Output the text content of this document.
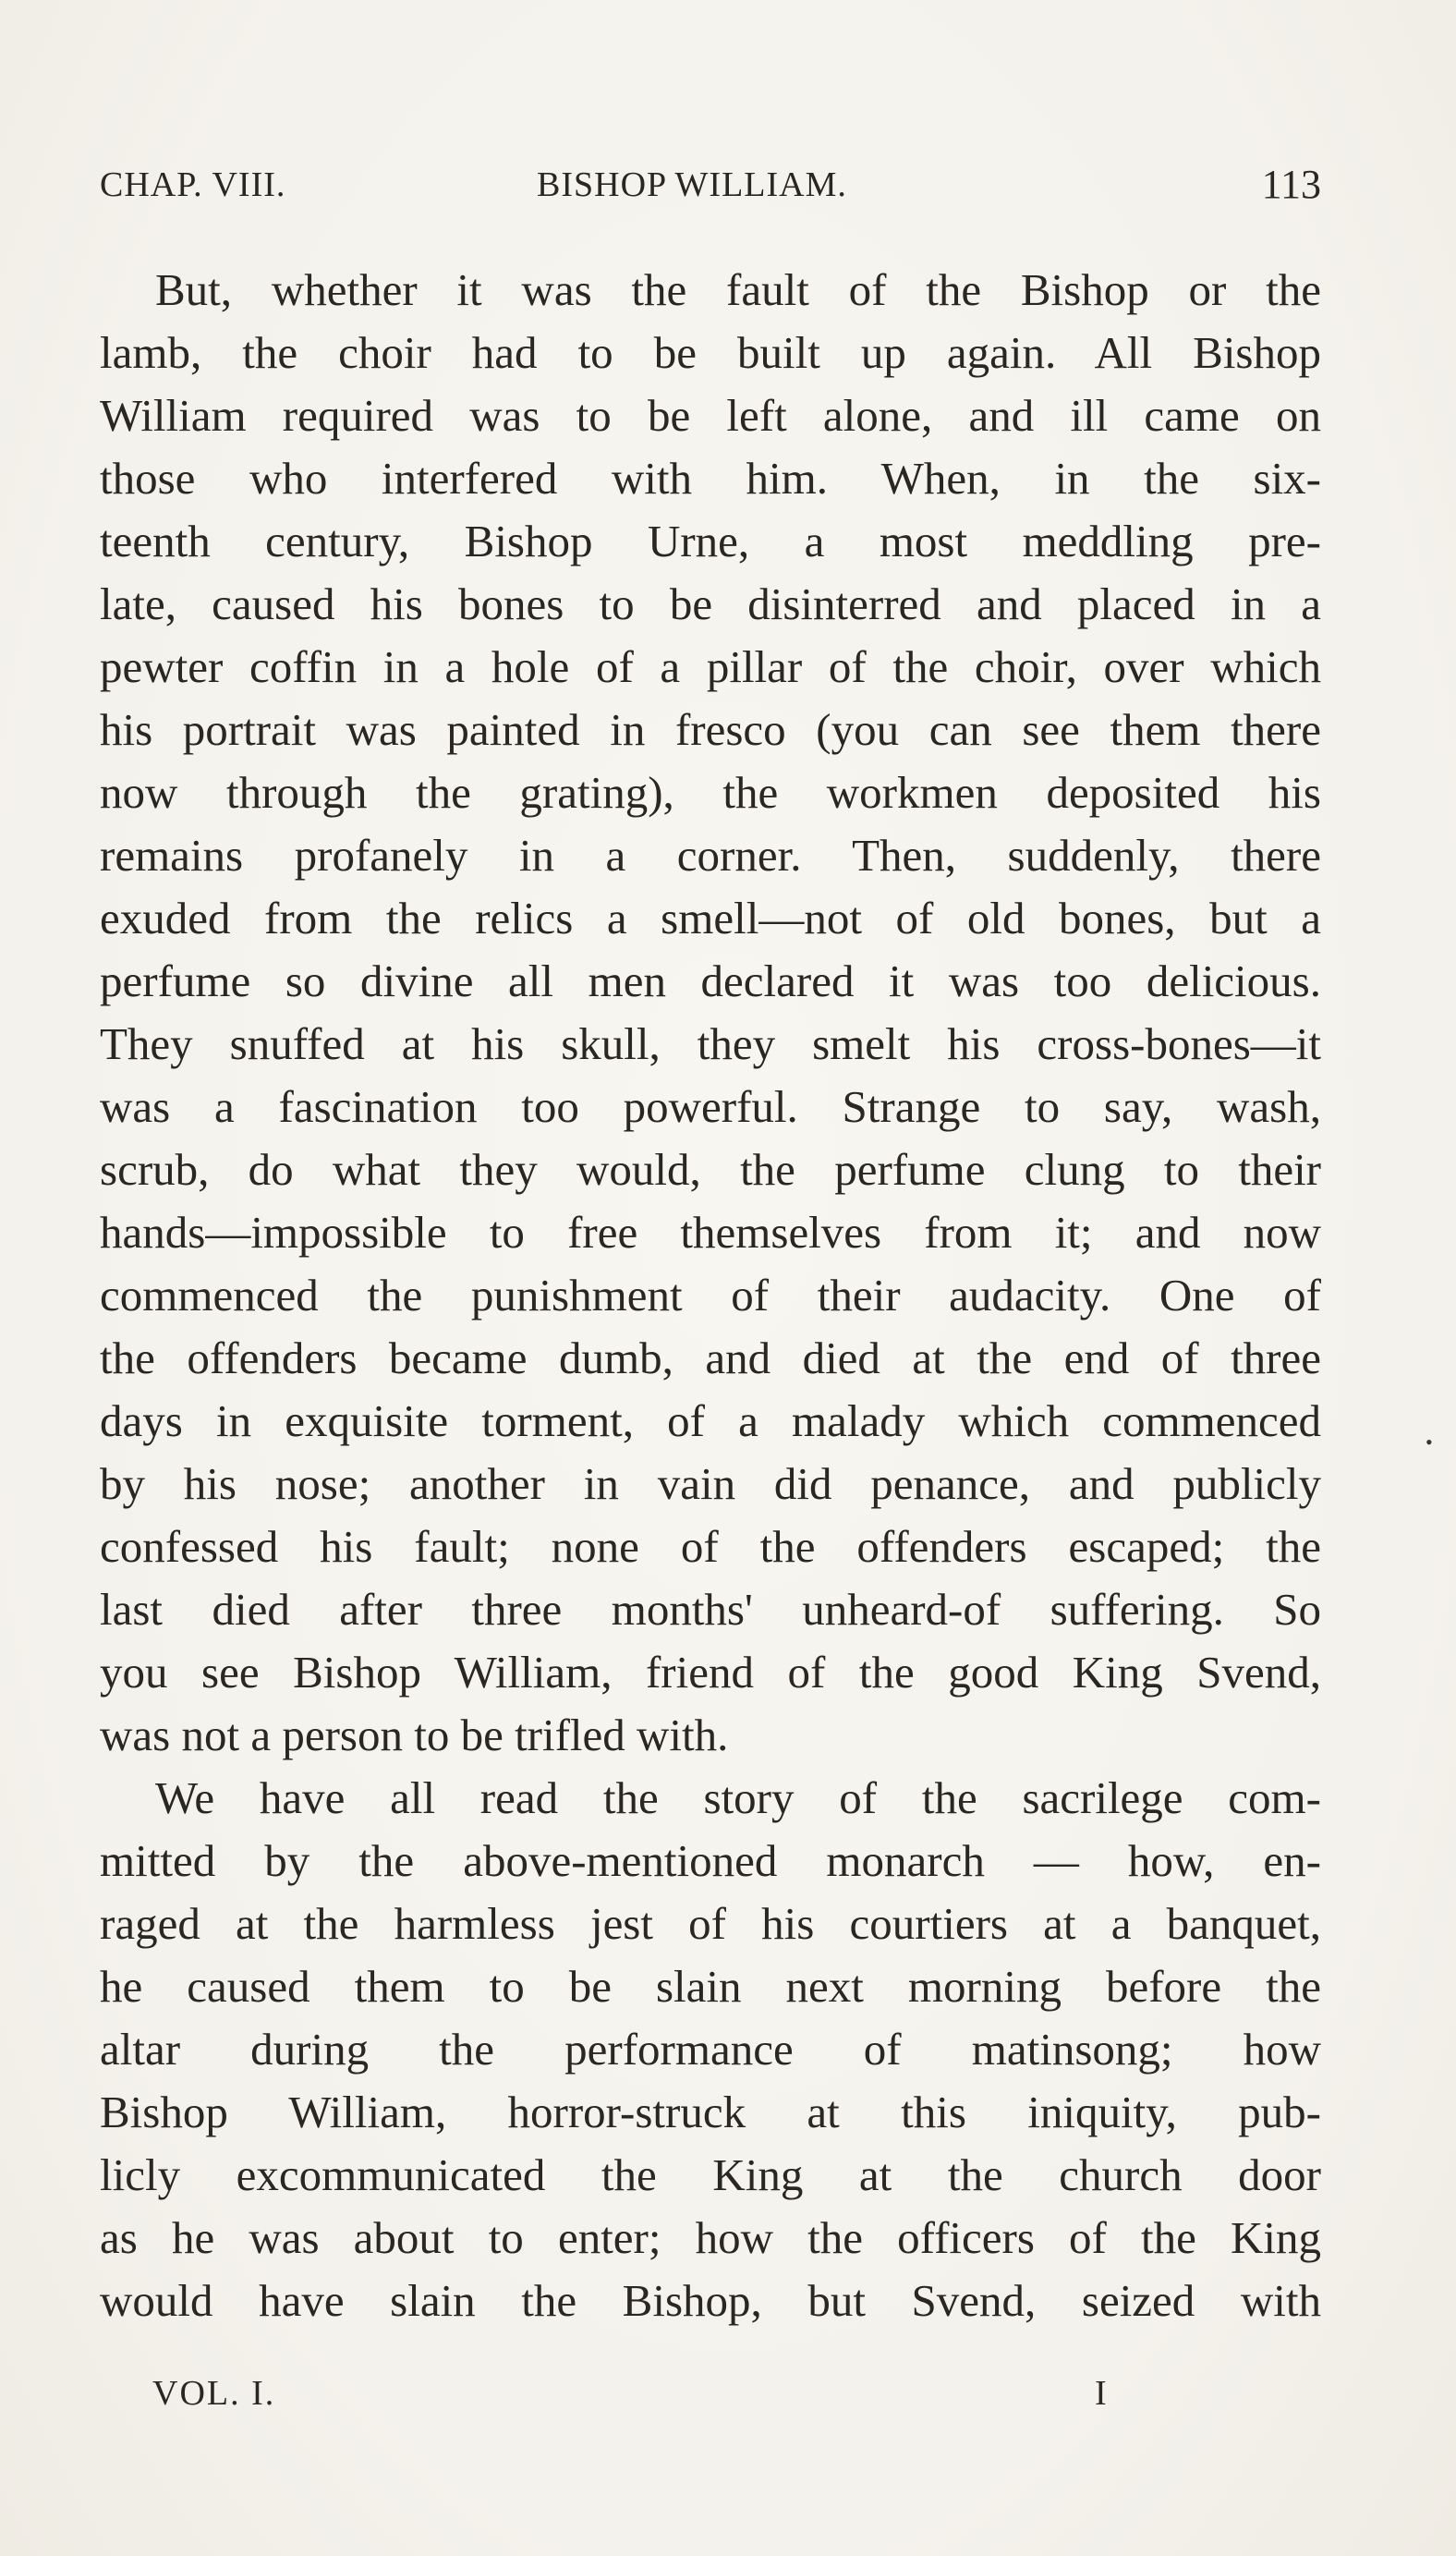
CHAP. VIII.	BISHOP WILLIAM.	113
But, whether it was the fault of the Bishop or the
lamb, the choir had to be built up again. All Bishop
William required was to be left alone, and ill came on
those who interfered with him. When, in the six-
teenth century, Bishop Urne, a most meddling pre-
late, caused his bones to be disinterred and placed in a
pewter coffin in a hole of a pillar of the choir, over which
his portrait was painted in fresco (you can see them there
now through the grating), the workmen deposited his
remains profanely in a corner. Then, suddenly, there
exuded from the relics a smell—not of old bones, but a
perfume so divine all men declared it was too delicious.
They snuffed at his skull, they smelt his cross-bones—it
was a fascination too powerful. Strange to say, wash,
scrub, do what they would, the perfume clung to their
hands—impossible to free themselves from it; and now
commenced the punishment of their audacity. One of
the offenders became dumb, and died at the end of three
days in exquisite torment, of a malady which commenced
by his nose; another in vain did penance, and publicly
confessed his fault; none of the offenders escaped; the
last died after three months' unheard-of suffering. So
you see Bishop William, friend of the good King Svend,
was not a person to be trifled with.
We have all read the story of the sacrilege com-
mitted by the above-mentioned monarch — how, en-
raged at the harmless jest of his courtiers at a banquet,
he caused them to be slain next morning before the
altar during the performance of matinsong; how
Bishop William, horror-struck at this iniquity, pub-
licly excommunicated the King at the church door
as he was about to enter; how the officers of the King
would have slain the Bishop, but Svend, seized with
•
VOL. I.	I
